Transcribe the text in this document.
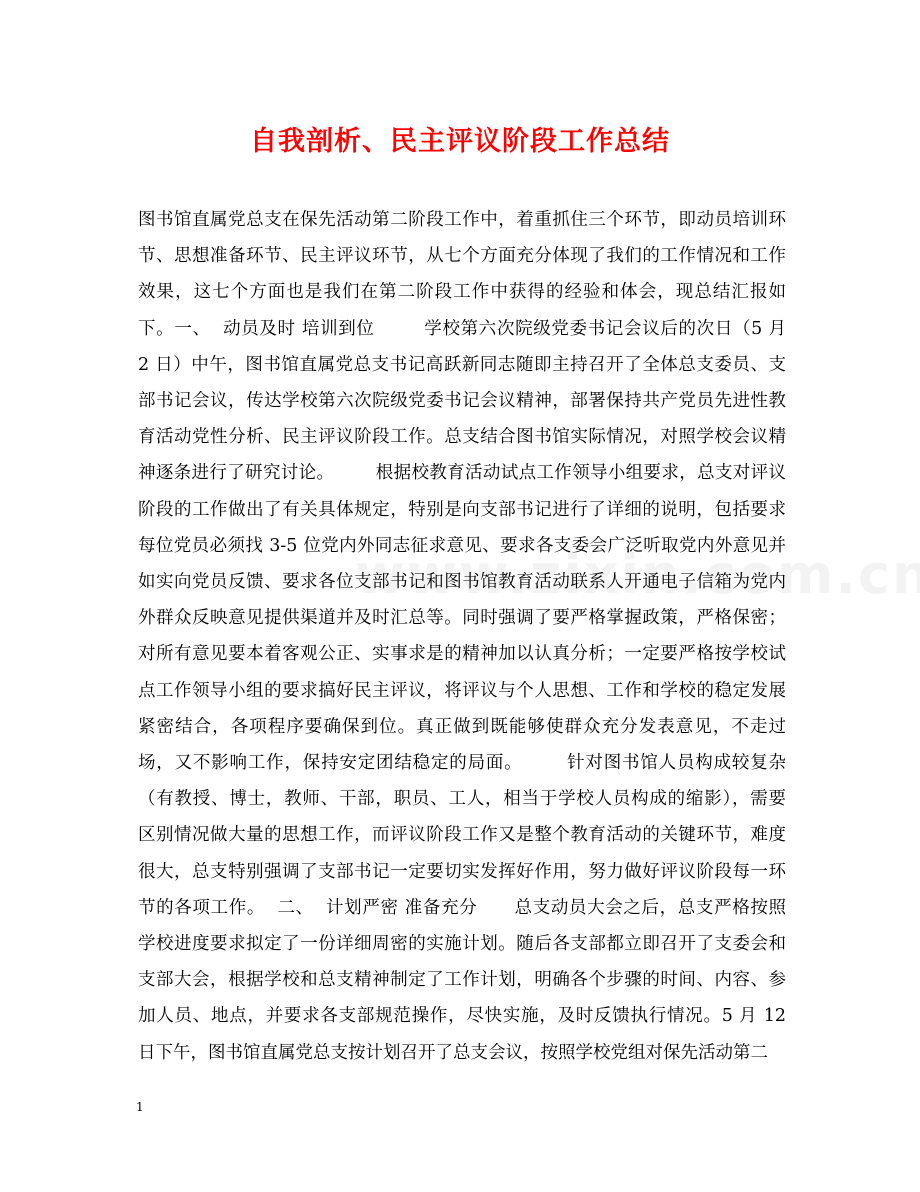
自我剖析、民主评议阶段工作总结
图书馆直属党总支在保先活动第二阶段工作中，着重抓住三个环节，即动员培训环
节、思想准备环节、民主评议环节，从七个方面充分体现了我们的工作情况和工作
效果，这七个方面也是我们在第二阶段工作中获得的经验和体会，现总结汇报如
下。一、  动员及时 培训到位        学校第六次院级党委书记会议后的次日（5 月
2 日）中午，图书馆直属党总支书记高跃新同志随即主持召开了全体总支委员、支
部书记会议，传达学校第六次院级党委书记会议精神，部署保持共产党员先进性教
育活动党性分析、民主评议阶段工作。总支结合图书馆实际情况，对照学校会议精
神逐条进行了研究讨论。       根据校教育活动试点工作领导小组要求，总支对评议
阶段的工作做出了有关具体规定，特别是向支部书记进行了详细的说明，包括要求
每位党员必须找 3-5 位党内外同志征求意见、要求各支委会广泛听取党内外意见并
如实向党员反馈、要求各位支部书记和图书馆教育活动联系人开通电子信箱为党内
外群众反映意见提供渠道并及时汇总等。同时强调了要严格掌握政策，严格保密；
对所有意见要本着客观公正、实事求是的精神加以认真分析；一定要严格按学校试
点工作领导小组的要求搞好民主评议，将评议与个人思想、工作和学校的稳定发展
紧密结合，各项程序要确保到位。真正做到既能够使群众充分发表意见，不走过
场，又不影响工作，保持安定团结稳定的局面。       针对图书馆人员构成较复杂
（有教授、博士，教师、干部，职员、工人，相当于学校人员构成的缩影），需要
区别情况做大量的思想工作，而评议阶段工作又是整个教育活动的关键环节，难度
很大，总支特别强调了支部书记一定要切实发挥好作用，努力做好评议阶段每一环
节的各项工作。  二、  计划严密 准备充分      总支动员大会之后，总支严格按照
学校进度要求拟定了一份详细周密的实施计划。随后各支部都立即召开了支委会和
支部大会，根据学校和总支精神制定了工作计划，明确各个步骤的时间、内容、参
加人员、地点，并要求各支部规范操作，尽快实施，及时反馈执行情况。5 月 12
日下午，图书馆直属党总支按计划召开了总支会议，按照学校党组对保先活动第二
1
